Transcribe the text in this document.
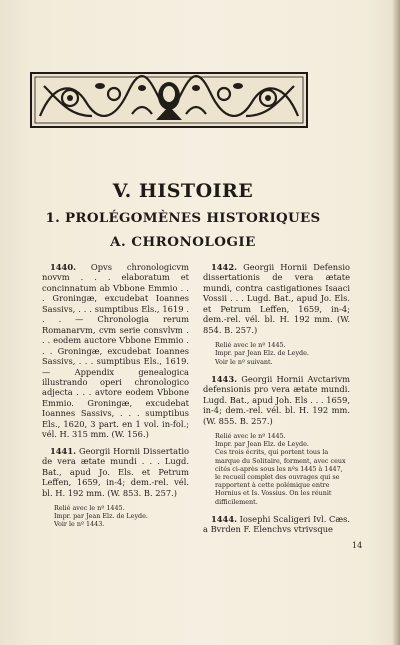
V. HISTOIRE
1. PROLÉGOMÈNES HISTORIQUES
A. CHRONOLOGIE

1440. Opvs chronologicvm novvm . . . elaboratum et concinnatum ab Vbbone Emmio . . . Groningæ, excudebat Ioannes Sassivs, . . . sumptibus Els., 1619 . . . — Chronologia rerum Romanarvm, cvm serie consvlvm . . . eodem auctore Vbbone Emmio . . . Groningæ, excudebat Ioannes Sassivs, . . . sumptibus Els., 1619. — Appendix genealogica illustrando operi chronologico adjecta . . . avtore eodem Vbbone Emmio. Groningæ, excudebat Ioannes Sassivs, . . . sumptibus Els., 1620, 3 part. en 1 vol. in-fol.; vél. H. 315 mm. (W. 156.)

1441. Georgii Hornii Dissertatio de vera ætate mundi . . . Lugd. Bat., apud Jo. Els. et Petrum Leffen, 1659, in-4; dem.-rel. vél. bl. H. 192 mm. (W. 853. B. 257.)

Relié avec le nº 1445.

Impr. par Jean Elz. de Leyde.

Voir le nº 1443.

1442. Georgii Hornii Defensio dissertationis de vera ætate mundi, contra castigationes Isaaci Vossii . . . Lugd. Bat., apud Jo. Els. et Petrum Leffen, 1659, in-4; dem.-rel. vél. bl. H. 192 mm. (W. 854. B. 257.)

Relié avec le nº 1445.

Impr. par Jean Elz. de Leyde.

Voir le nº suivant.

1443. Georgii Hornii Avctarivm defensionis pro vera ætate mundi. Lugd. Bat., apud Joh. Els . . . 1659, in-4; dem.-rel. vél. bl. H. 192 mm. (W. 855. B. 257.)

Relié avec le nº 1445.

Impr. par Jean Elz. de Leyde.

Ces trois écrits, qui portent tous la marque du Solitaire, forment, avec ceux cités ci-après sous les nºs 1445 à 1447, le recueil complet des ouvrages qui se rapportent à cette polémique entre Hornius et Is. Vossius. On les réunit difficilement.

1444. Iosephi Scaligeri Ivl. Cæs. a Bvrden F. Elenchvs vtrivsque

14
